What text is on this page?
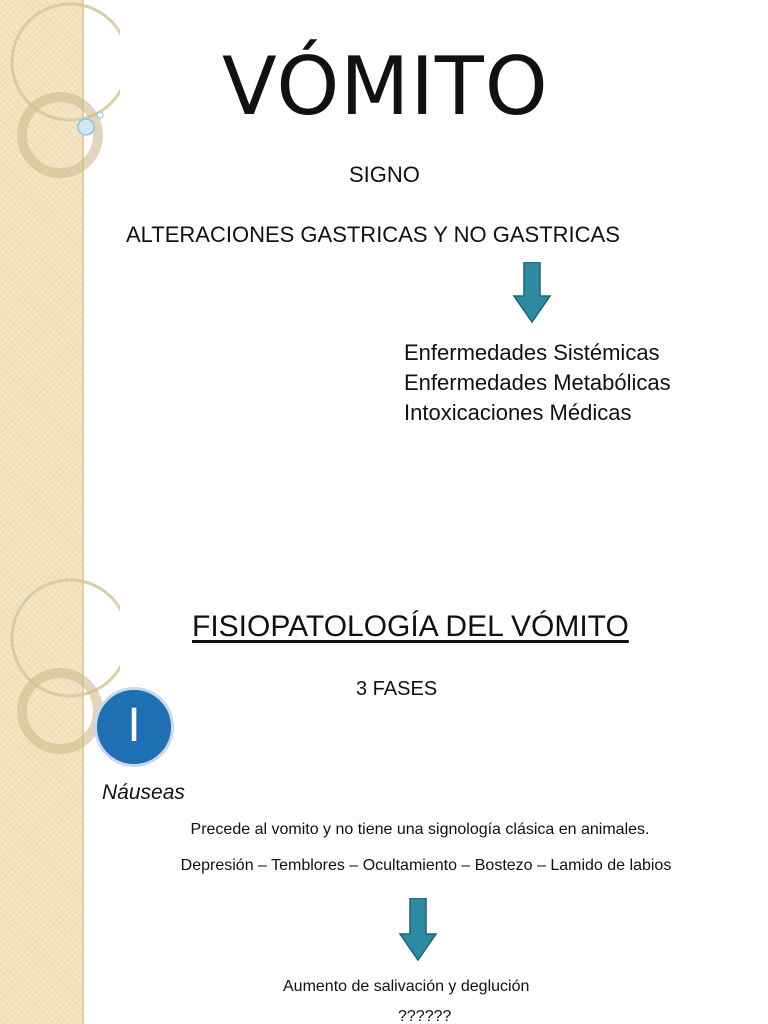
VÓMITO
SIGNO
ALTERACIONES GASTRICAS Y NO GASTRICAS
Enfermedades Sistémicas
Enfermedades Metabólicas
Intoxicaciones Médicas
FISIOPATOLOGÍA DEL VÓMITO
3 FASES
I
Náuseas
Precede al vomito y no tiene una signología clásica en animales.
Depresión – Temblores – Ocultamiento – Bostezo – Lamido de labios
Aumento de salivación y deglución
??????
